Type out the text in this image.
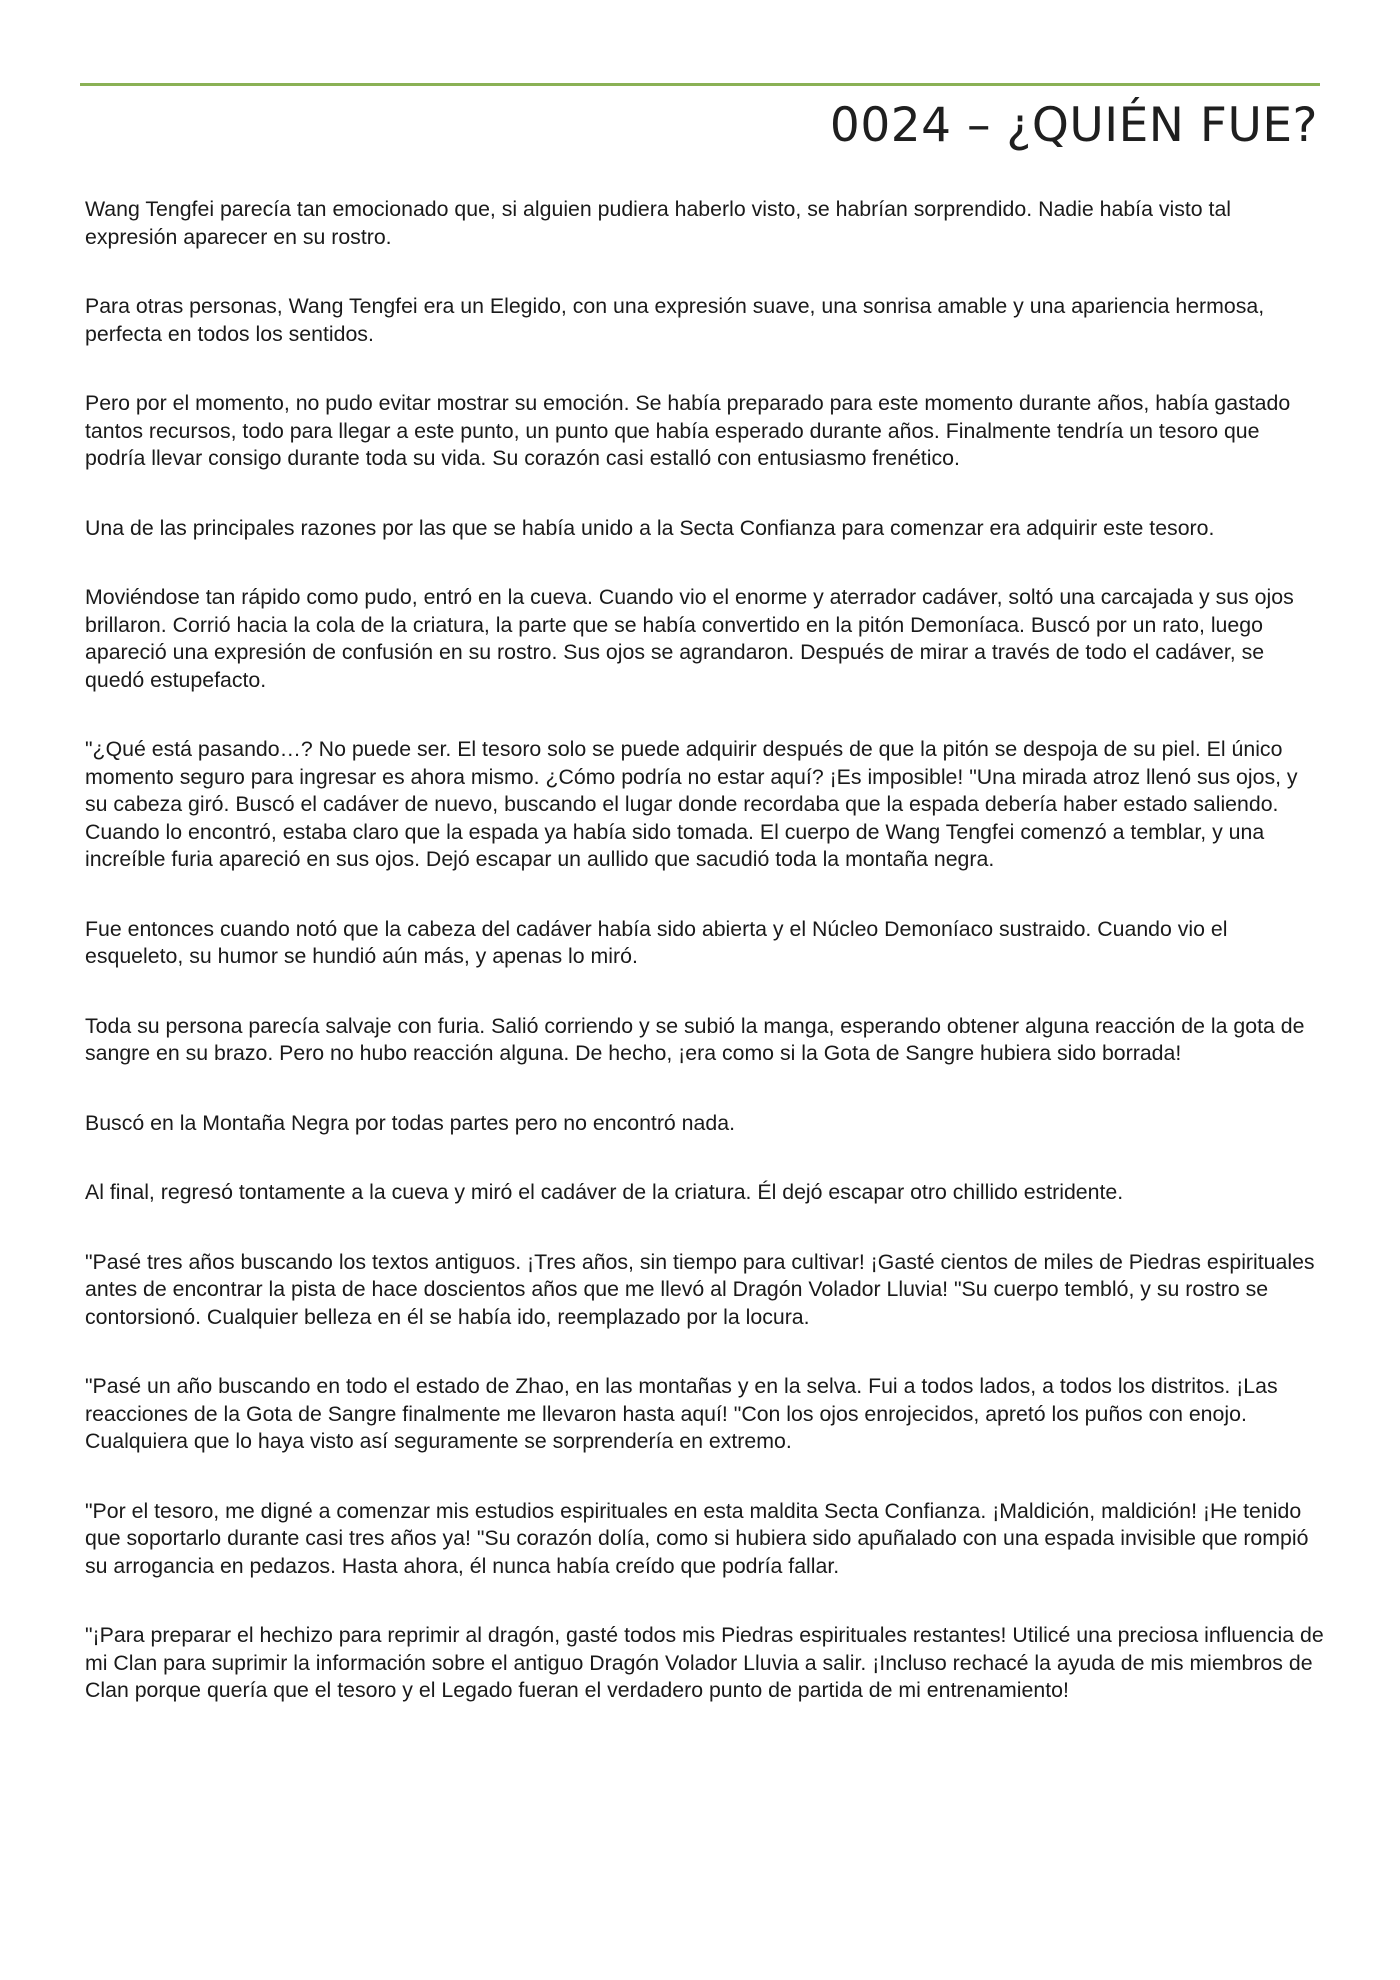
0024 – ¿QUIÉN FUE?

Wang Tengfei parecía tan emocionado que, si alguien pudiera haberlo visto, se habrían sorprendido. Nadie había visto tal expresión aparecer en su rostro.

Para otras personas, Wang Tengfei era un Elegido, con una expresión suave, una sonrisa amable y una apariencia hermosa, perfecta en todos los sentidos.

Pero por el momento, no pudo evitar mostrar su emoción. Se había preparado para este momento durante años, había gastado tantos recursos, todo para llegar a este punto, un punto que había esperado durante años. Finalmente tendría un tesoro que podría llevar consigo durante toda su vida. Su corazón casi estalló con entusiasmo frenético.

Una de las principales razones por las que se había unido a la Secta Confianza para comenzar era adquirir este tesoro.

Moviéndose tan rápido como pudo, entró en la cueva. Cuando vio el enorme y aterrador cadáver, soltó una carcajada y sus ojos brillaron. Corrió hacia la cola de la criatura, la parte que se había convertido en la pitón Demoníaca. Buscó por un rato, luego apareció una expresión de confusión en su rostro. Sus ojos se agrandaron. Después de mirar a través de todo el cadáver, se quedó estupefacto.

"¿Qué está pasando…? No puede ser. El tesoro solo se puede adquirir después de que la pitón se despoja de su piel. El único momento seguro para ingresar es ahora mismo. ¿Cómo podría no estar aquí? ¡Es imposible! "Una mirada atroz llenó sus ojos, y su cabeza giró. Buscó el cadáver de nuevo, buscando el lugar donde recordaba que la espada debería haber estado saliendo. Cuando lo encontró, estaba claro que la espada ya había sido tomada. El cuerpo de Wang Tengfei comenzó a temblar, y una increíble furia apareció en sus ojos. Dejó escapar un aullido que sacudió toda la montaña negra.

Fue entonces cuando notó que la cabeza del cadáver había sido abierta y el Núcleo Demoníaco sustraido. Cuando vio el esqueleto, su humor se hundió aún más, y apenas lo miró.

Toda su persona parecía salvaje con furia. Salió corriendo y se subió la manga, esperando obtener alguna reacción de la gota de sangre en su brazo. Pero no hubo reacción alguna. De hecho, ¡era como si la Gota de Sangre hubiera sido borrada!

Buscó en la Montaña Negra por todas partes pero no encontró nada.

Al final, regresó tontamente a la cueva y miró el cadáver de la criatura. Él dejó escapar otro chillido estridente.

"Pasé tres años buscando los textos antiguos. ¡Tres años, sin tiempo para cultivar! ¡Gasté cientos de miles de Piedras espirituales antes de encontrar la pista de hace doscientos años que me llevó al Dragón Volador Lluvia! "Su cuerpo tembló, y su rostro se contorsionó. Cualquier belleza en él se había ido, reemplazado por la locura.

"Pasé un año buscando en todo el estado de Zhao, en las montañas y en la selva. Fui a todos lados, a todos los distritos. ¡Las reacciones de la Gota de Sangre finalmente me llevaron hasta aquí! "Con los ojos enrojecidos, apretó los puños con enojo. Cualquiera que lo haya visto así seguramente se sorprendería en extremo.

"Por el tesoro, me digné a comenzar mis estudios espirituales en esta maldita Secta Confianza. ¡Maldición, maldición! ¡He tenido que soportarlo durante casi tres años ya! "Su corazón dolía, como si hubiera sido apuñalado con una espada invisible que rompió su arrogancia en pedazos. Hasta ahora, él nunca había creído que podría fallar.

"¡Para preparar el hechizo para reprimir al dragón, gasté todos mis Piedras espirituales restantes! Utilicé una preciosa influencia de mi Clan para suprimir la información sobre el antiguo Dragón Volador Lluvia a salir. ¡Incluso rechacé la ayuda de mis miembros de Clan porque quería que el tesoro y el Legado fueran el verdadero punto de partida de mi entrenamiento!
